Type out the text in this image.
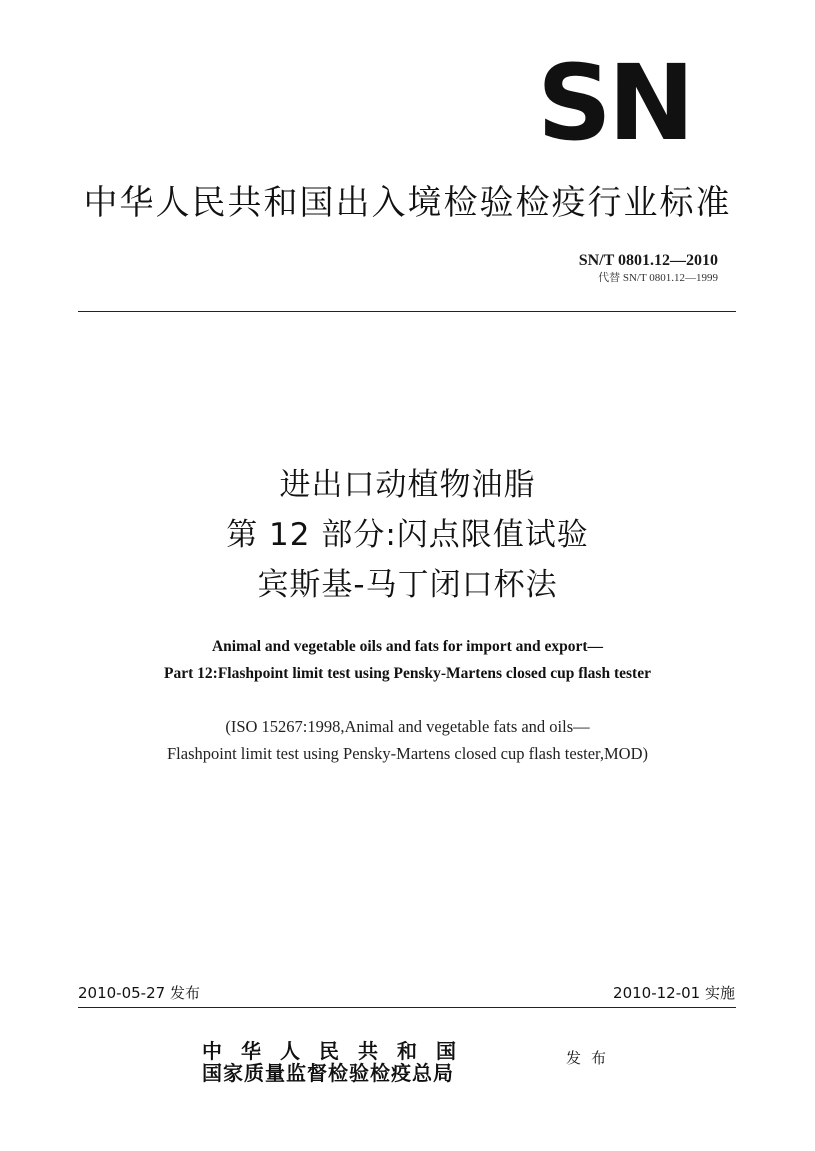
SN
中华人民共和国出入境检验检疫行业标准
SN/T 0801.12—2010
代替 SN/T 0801.12—1999
进出口动植物油脂
第 12 部分:闪点限值试验
宾斯基-马丁闭口杯法
Animal and vegetable oils and fats for import and export—
Part 12:Flashpoint limit test using Pensky-Martens closed cup flash tester
(ISO 15267:1998,Animal and vegetable fats and oils—
Flashpoint limit test using Pensky-Martens closed cup flash tester,MOD)
2010-05-27 发布	2010-12-01 实施
中华人民共和国
国家质量监督检验检疫总局
发布
